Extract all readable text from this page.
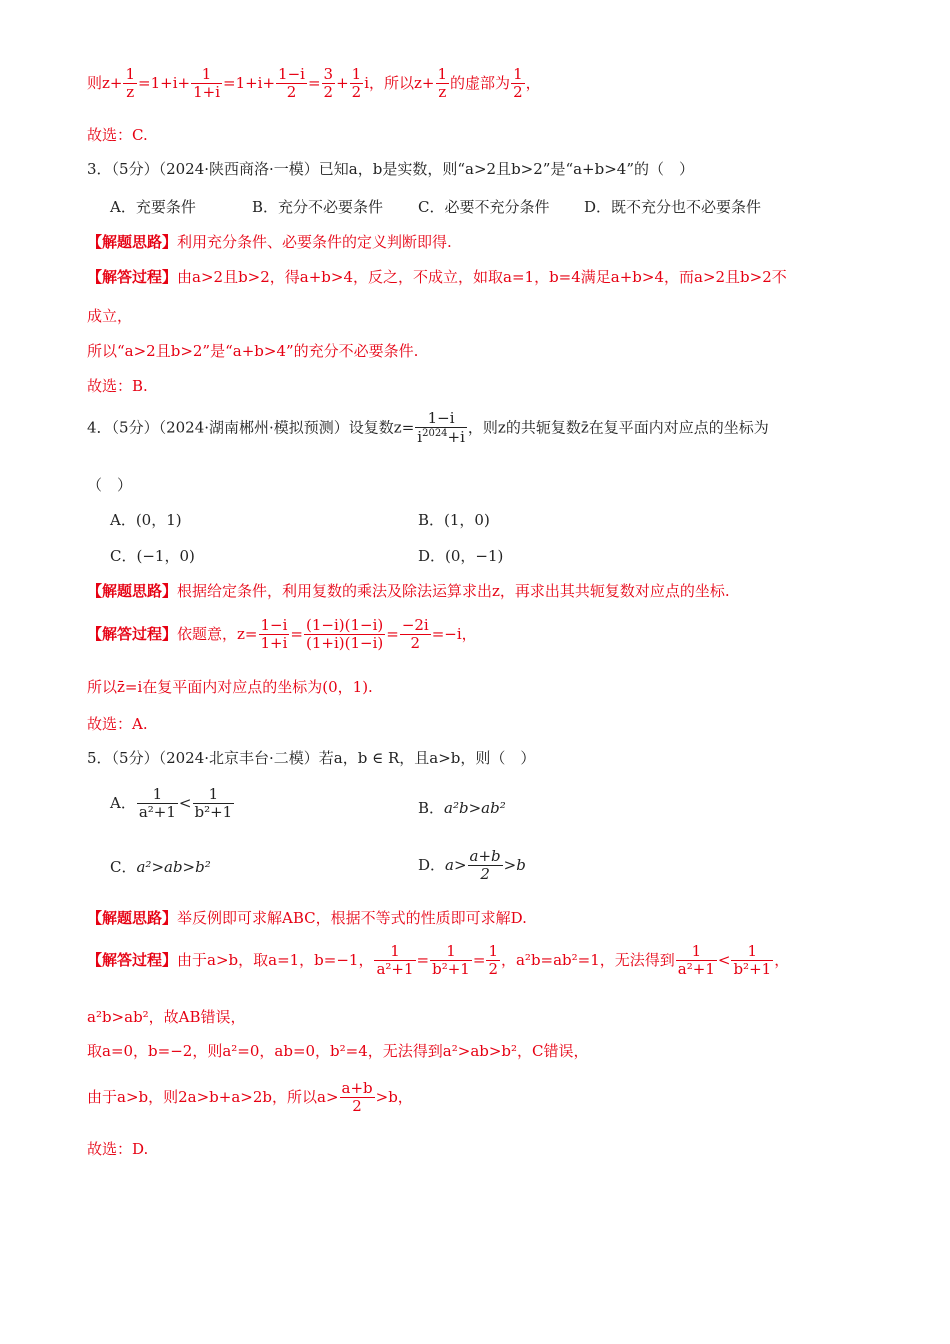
则$z+ \frac{1}{z} =1+i+ \frac{1}{1+i} =1+i+ \frac{1-i}{2} = \frac{3}{2} + \frac{1}{2}$ i，所以$z+ \frac{1}{z}$ 的虚部为 $\frac{1}{2}$ ，
故选：C.
3．（5分）（2024·陕西商洛·一模）已知a，b是实数，则“a>2且b>2”是“a+b>4”的（　）
A．充要条件	B．充分不必要条件 C．必要不充分条件 D．既不充分也不必要条件
【解题思路】利用充分条件、必要条件的定义判断即得.
【解答过程】由a>2且b>2，得a+b>4，反之，不成立，如取a=1，b=4满足a+b>4，而a>2且b>2不
成立，
所以“a>2且b>2”是“a+b>4”的充分不必要条件.
故选：B.
4．（5分）（2024·湖南郴州·模拟预测）设复数$z= \frac{1-i}{i^{2024}+i}$ ，则z的共轭复数z̄在复平面内对应点的坐标为
（　）
A．(0，1)	B．(1，0)
C．(−1，0)	D．(0，−1)
【解题思路】根据给定条件，利用复数的乘法及除法运算求出z，再求出其共轭复数对应点的坐标.
【解答过程】依题意，$z= \frac{1-i}{1+i} = \frac{(1-i)(1-i)}{(1+i)(1-i)} = \frac{-2i}{2} =-i$，
所以z̄=i在复平面内对应点的坐标为(0，1).
故选：A.
5．（5分）（2024·北京丰台·二模）若a，b ∈ R，且a>b，则（　）
A． $\frac{1}{\text{a²+1}} < \frac{1}{\text{b²+1}}$	B．a²b>ab²
C．a²>ab>b²	D．$a> \frac{a+b}{2} >b$
【解题思路】举反例即可求解ABC，根据不等式的性质即可求解D.
【解答过程】由于a>b，取a=1，b=−1， $\frac{1}{\text{a²+1}} = \frac{1}{\text{b²+1}} = \frac{1}{2}$ ，a²b=ab²=1，无法得到 $\frac{1}{\text{a²+1}} < \frac{1}{\text{b²+1}}$ ，
a²b>ab²，故AB错误，
取a=0，b=−2，则a²=0，ab=0，b²=4，无法得到a²>ab>b²，C错误，
由于a>b，则2a>b+a>2b，所以$a> \frac{a+b}{2} >b$，
故选：D.
